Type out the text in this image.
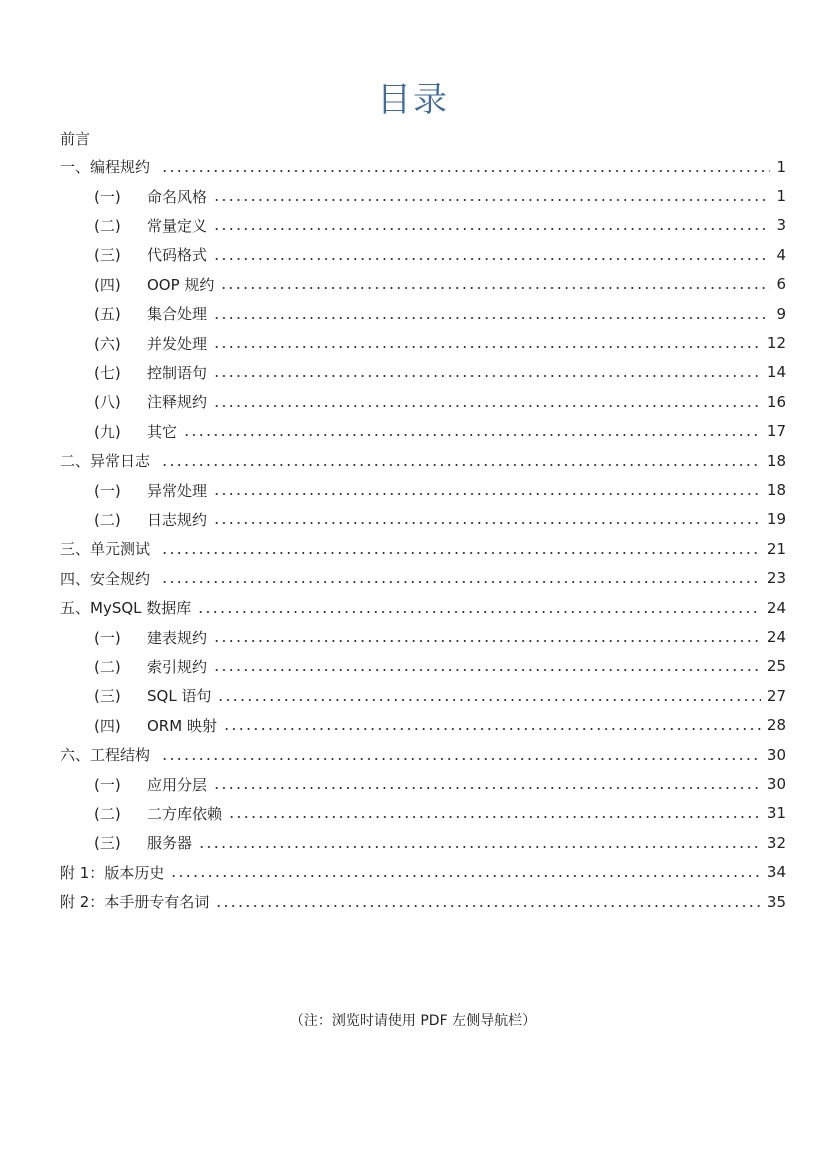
目录
前言
一、 编程规约	1
(一)	命名风格	1
(二)	常量定义	3
(三)	代码格式	4
(四)	OOP 规约	6
(五)	集合处理	9
(六)	并发处理	12
(七)	控制语句	14
(八)	注释规约	16
(九)	其它	17
二、 异常日志	18
(一)	异常处理	18
(二)	日志规约	19
三、 单元测试	21
四、 安全规约	23
五、 MySQL 数据库	24
(一)	建表规约	24
(二)	索引规约	25
(三)	SQL 语句	27
(四)	ORM 映射	28
六、 工程结构	30
(一)	应用分层	30
(二)	二方库依赖	31
(三)	服务器	32
附 1： 版本历史	34
附 2： 本手册专有名词	35
（注：浏览时请使用 PDF 左侧导航栏）
